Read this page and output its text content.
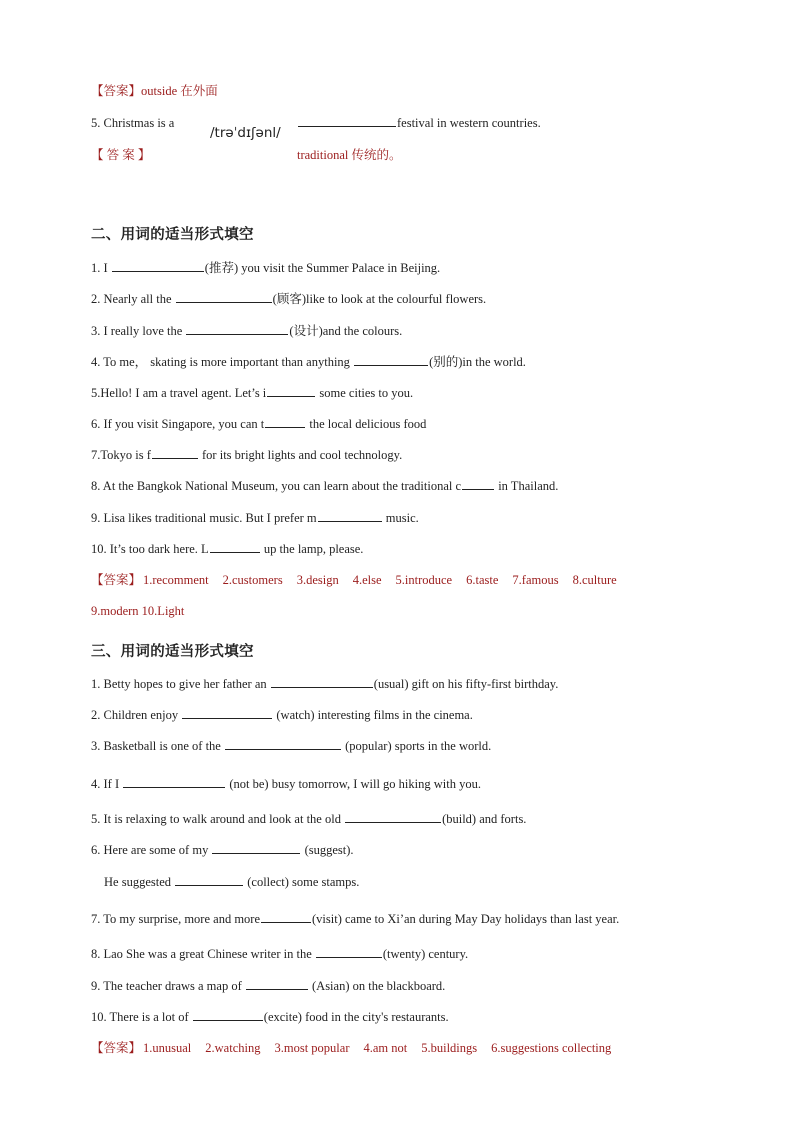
【答案】outside 在外面
5. Christmas is a
/trəˈdɪʃənl/
festival in western countries.
【 答 案 】	traditional 传统的。
二、用词的适当形式填空
1. I	(推荐) you visit the Summer Palace in Beijing.
2. Nearly all the	(顾客)like to look at the colourful flowers.
3. I really love the	(设计)and the colours.
4. To me， skating is more important than anything	(别的)in the world.
5.Hello! I am a travel agent. Let’s i	some cities to you.
6. If you visit Singapore, you can t	the local delicious food
7.Tokyo is f	for its bright lights and cool technology.
8. At the Bangkok National Museum, you can learn about the traditional c	in Thailand.
9. Lisa likes traditional music. But I prefer m	music.
10. It’s too dark here. L	up the lamp, please.
【答案】 1.recomment 2.customers 3.design 4.else 5.introduce 6.taste 7.famous 8.culture
9.modern 10.Light
三、用词的适当形式填空
1. Betty hopes to give her father an	(usual) gift on his fifty-first birthday.
2. Children enjoy	(watch) interesting films in the cinema.
3. Basketball is one of the	(popular) sports in the world.
4. If I	(not be) busy tomorrow, I will go hiking with you.
5. It is relaxing to walk around and look at the old	(build) and forts.
6. Here are some of my	(suggest).
He suggested	(collect) some stamps.
7. To my surprise, more and more	(visit) came to Xi’an during May Day holidays than last year.
8. Lao She was a great Chinese writer in the	(twenty) century.
9. The teacher draws a map of	(Asian) on the blackboard.
10. There is a lot of	(excite) food in the city's restaurants.
【答案】 1.unusual 2.watching 3.most popular 4.am not 5.buildings 6.suggestions collecting
